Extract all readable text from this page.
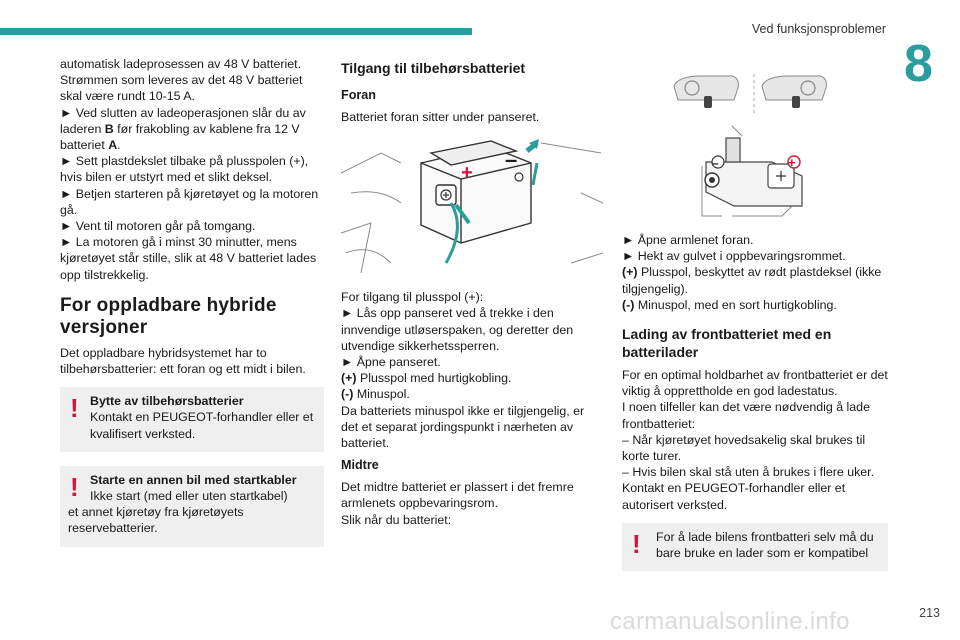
Ved funksjonsproblemer
8

automatisk ladeprosessen av 48 V batteriet. Strømmen som leveres av det 48 V batteriet skal være rundt 10-15 A.

► Ved slutten av ladeoperasjonen slår du av laderen B før frakobling av kablene fra 12 V batteriet A.

► Sett plastdekslet tilbake på plusspolen (+), hvis bilen er utstyrt med et slikt deksel.

► Betjen starteren på kjøretøyet og la motoren gå.

► Vent til motoren går på tomgang.

► La motoren gå i minst 30 minutter, mens kjøretøyet står stille, slik at 48 V batteriet lades opp tilstrekkelig.

For oppladbare hybride versjoner

Det oppladbare hybridsystemet har to tilbehørsbatterier: ett foran og ett midt i bilen.

! Bytte av tilbehørsbatterier

Kontakt en PEUGEOT-forhandler eller et kvalifisert verksted.

! Starte en annen bil med startkabler

Ikke start (med eller uten startkabel)

et annet kjøretøy fra kjøretøyets reservebatterier.

Tilgang til tilbehørsbatteriet
Foran

Batteriet foran sitter under panseret.

+
–

For tilgang til plusspol (+):

► Lås opp panseret ved å trekke i den innvendige utløserspaken, og deretter den utvendige sikkerhetssperren.

► Åpne panseret.

(+) Plusspol med hurtigkobling.

(-) Minuspol.

Da batteriets minuspol ikke er tilgjengelig, er det et separat jordingspunkt i nærheten av batteriet.

Midtre

Det midtre batteriet er plassert i det fremre armlenets oppbevaringsrom.

Slik når du batteriet:

–	+

► Åpne armlenet foran.

► Hekt av gulvet i oppbevaringsrommet.

(+) Plusspol, beskyttet av rødt plastdeksel (ikke tilgjengelig).

(-) Minuspol, med en sort hurtigkobling.

Lading av frontbatteriet med en batterilader

For en optimal holdbarhet av frontbatteriet er det viktig å opprettholde en god ladestatus.

I noen tilfeller kan det være nødvendig å lade frontbatteriet:

– Når kjøretøyet hovedsakelig skal brukes til korte turer.

– Hvis bilen skal stå uten å brukes i flere uker.

Kontakt en PEUGEOT-forhandler eller et autorisert verksted.

! For å lade bilens frontbatteri selv må du bare bruke en lader som er kompatibel

carmanualsonline.info	213
